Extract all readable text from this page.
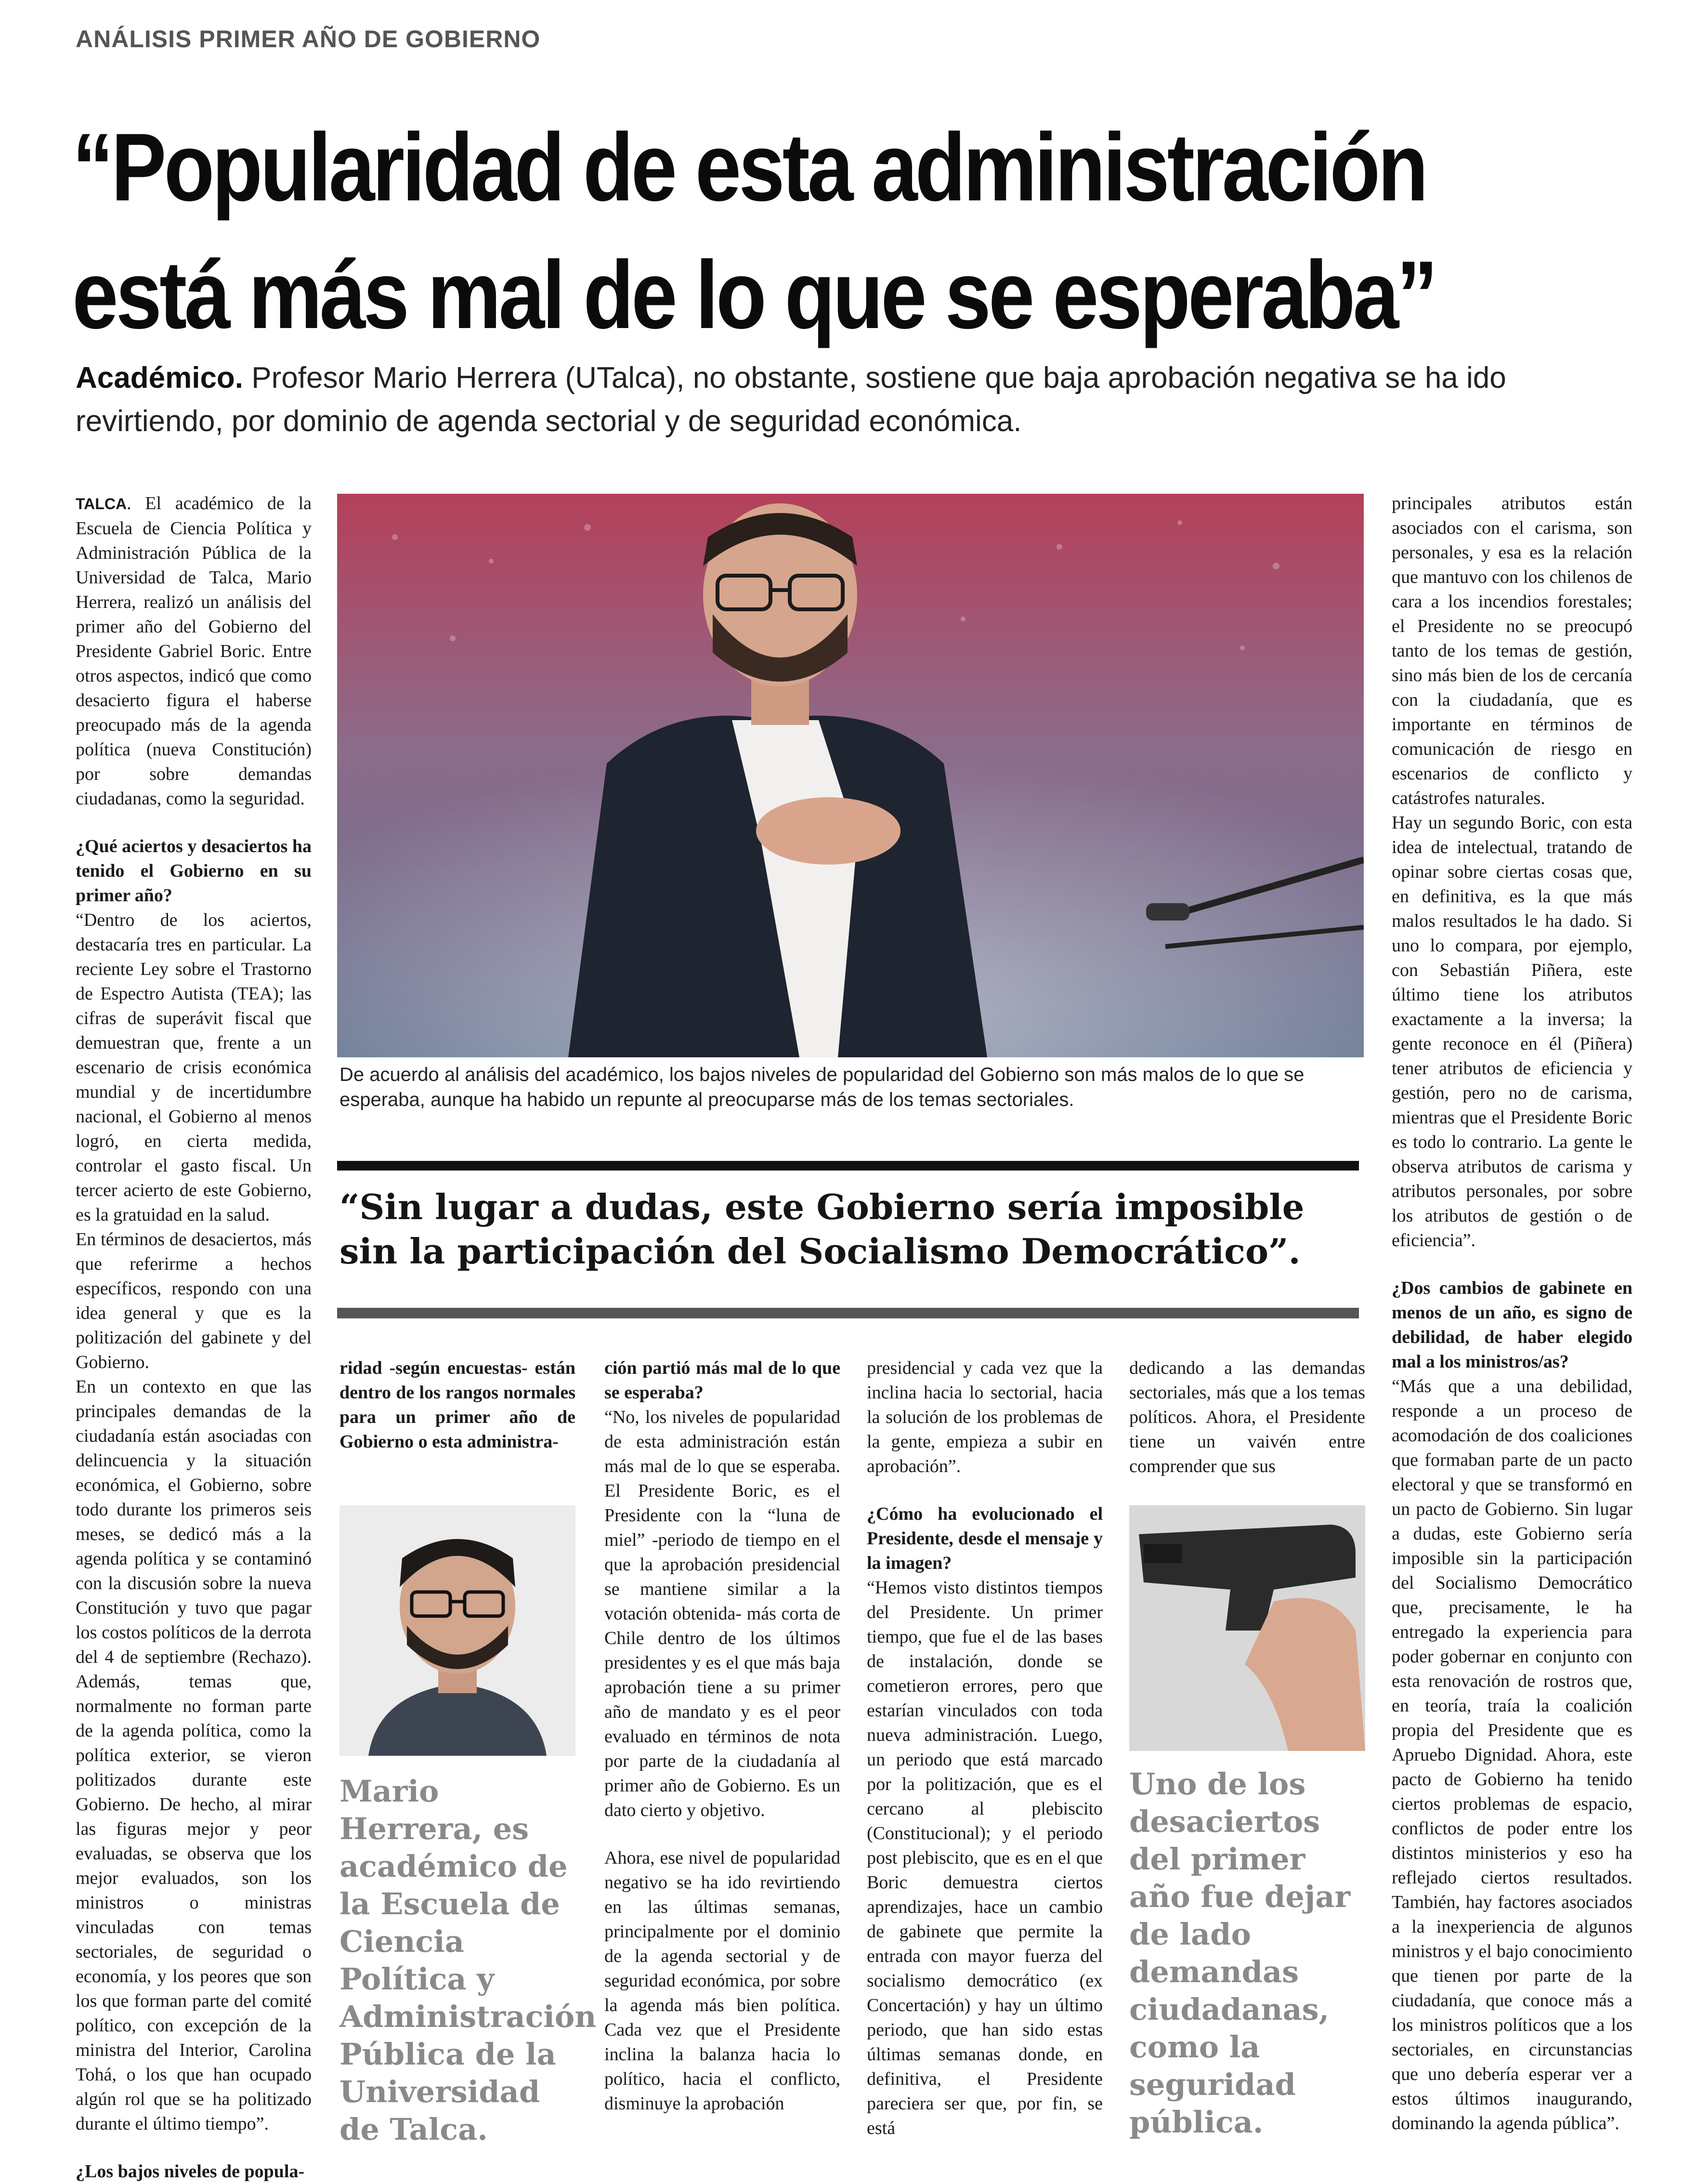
ANÁLISIS PRIMER AÑO DE GOBIERNO
“Popularidad de esta administración
está más mal de lo que se esperaba”
Académico. Profesor Mario Herrera (UTalca), no obstante, sostiene que baja aprobación negativa se ha ido revirtiendo, por dominio de agenda sectorial y de seguridad económica.

TALCA. El académico de la Escuela de Ciencia Política y Administración Pública de la Universidad de Talca, Mario Herrera, realizó un análisis del primer año del Gobierno del Presidente Gabriel Boric. Entre otros aspectos, indicó que como desacierto figura el haberse preocupado más de la agenda política (nueva Constitución) por sobre demandas ciudadanas, como la seguridad.

¿Qué aciertos y desaciertos ha tenido el Gobierno en su primer año?

“Dentro de los aciertos, destacaría tres en particular. La reciente Ley sobre el Trastorno de Espectro Autista (TEA); las cifras de superávit fiscal que demuestran que, frente a un escenario de crisis económica mundial y de incertidumbre nacional, el Gobierno al menos logró, en cierta medida, controlar el gasto fiscal. Un tercer acierto de este Gobierno, es la gratuidad en la salud.

En términos de desaciertos, más que referirme a hechos específicos, respondo con una idea general y que es la politización del gabinete y del Gobierno.

En un contexto en que las principales demandas de la ciudadanía están asociadas con delincuencia y la situación económica, el Gobierno, sobre todo durante los primeros seis meses, se dedicó más a la agenda política y se contaminó con la discusión sobre la nueva Constitución y tuvo que pagar los costos políticos de la derrota del 4 de septiembre (Rechazo). Además, temas que, normalmente no forman parte de la agenda política, como la política exterior, se vieron politizados durante este Gobierno. De hecho, al mirar las figuras mejor y peor evaluadas, se observa que los mejor evaluados, son los ministros o ministras vinculadas con temas sectoriales, de seguridad o economía, y los peores que son los que forman parte del comité político, con excepción de la ministra del Interior, Carolina Tohá, o los que han ocupado algún rol que se ha politizado durante el último tiempo”.

¿Los bajos niveles de popula-

De acuerdo al análisis del académico, los bajos niveles de popularidad del Gobierno son más malos de lo que se esperaba, aunque ha habido un repunte al preocuparse más de los temas sectoriales.
“Sin lugar a dudas, este Gobierno sería imposible sin la participación del Socialismo Democrático”.

ridad -según encuestas- están dentro de los rangos normales para un primer año de Gobierno o esta administra-

Mario Herrera, es académico de la Escuela de Ciencia Política y Administración Pública de la Universidad de Talca.

ción partió más mal de lo que se esperaba?

“No, los niveles de popularidad de esta administración están más mal de lo que se esperaba. El Presidente Boric, es el Presidente con la “luna de miel” -periodo de tiempo en el que la aprobación presidencial se mantiene similar a la votación obtenida- más corta de Chile dentro de los últimos presidentes y es el que más baja aprobación tiene a su primer año de mandato y es el peor evaluado en términos de nota por parte de la ciudadanía al primer año de Gobierno. Es un dato cierto y objetivo.

Ahora, ese nivel de popularidad negativo se ha ido revirtiendo en las últimas semanas, principalmente por el dominio de la agenda sectorial y de seguridad económica, por sobre la agenda más bien política. Cada vez que el Presidente inclina la balanza hacia lo político, hacia el conflicto, disminuye la aprobación

presidencial y cada vez que la inclina hacia lo sectorial, hacia la solución de los problemas de la gente, empieza a subir en aprobación”.

¿Cómo ha evolucionado el Presidente, desde el mensaje y la imagen?

“Hemos visto distintos tiempos del Presidente. Un primer tiempo, que fue el de las bases de instalación, donde se cometieron errores, pero que estarían vinculados con toda nueva administración. Luego, un periodo que está marcado por la politización, que es el cercano al plebiscito (Constitucional); y el periodo post plebiscito, que es en el que Boric demuestra ciertos aprendizajes, hace un cambio de gabinete que permite la entrada con mayor fuerza del socialismo democrático (ex Concertación) y hay un último periodo, que han sido estas últimas semanas donde, en definitiva, el Presidente pareciera ser que, por fin, se está

dedicando a las demandas sectoriales, más que a los temas políticos. Ahora, el Presidente tiene un vaivén entre comprender que sus

Uno de los desaciertos del primer año fue dejar de lado demandas ciudadanas, como la seguridad pública.

principales atributos están asociados con el carisma, son personales, y esa es la relación que mantuvo con los chilenos de cara a los incendios forestales; el Presidente no se preocupó tanto de los temas de gestión, sino más bien de los de cercanía con la ciudadanía, que es importante en términos de comunicación de riesgo en escenarios de conflicto y catástrofes naturales.

Hay un segundo Boric, con esta idea de intelectual, tratando de opinar sobre ciertas cosas que, en definitiva, es la que más malos resultados le ha dado. Si uno lo compara, por ejemplo, con Sebastián Piñera, este último tiene los atributos exactamente a la inversa; la gente reconoce en él (Piñera) tener atributos de eficiencia y gestión, pero no de carisma, mientras que el Presidente Boric es todo lo contrario. La gente le observa atributos de carisma y atributos personales, por sobre los atributos de gestión o de eficiencia”.

¿Dos cambios de gabinete en menos de un año, es signo de debilidad, de haber elegido mal a los ministros/as?

“Más que a una debilidad, responde a un proceso de acomodación de dos coaliciones que formaban parte de un pacto electoral y que se transformó en un pacto de Gobierno. Sin lugar a dudas, este Gobierno sería imposible sin la participación del Socialismo Democrático que, precisamente, le ha entregado la experiencia para poder gobernar en conjunto con esta renovación de rostros que, en teoría, traía la coalición propia del Presidente que es Apruebo Dignidad. Ahora, este pacto de Gobierno ha tenido ciertos problemas de espacio, conflictos de poder entre los distintos ministerios y eso ha reflejado ciertos resultados. También, hay factores asociados a la inexperiencia de algunos ministros y el bajo conocimiento que tienen por parte de la ciudadanía, que conoce más a los ministros políticos que a los sectoriales, en circunstancias que uno debería esperar ver a estos últimos inaugurando, dominando la agenda pública”.
